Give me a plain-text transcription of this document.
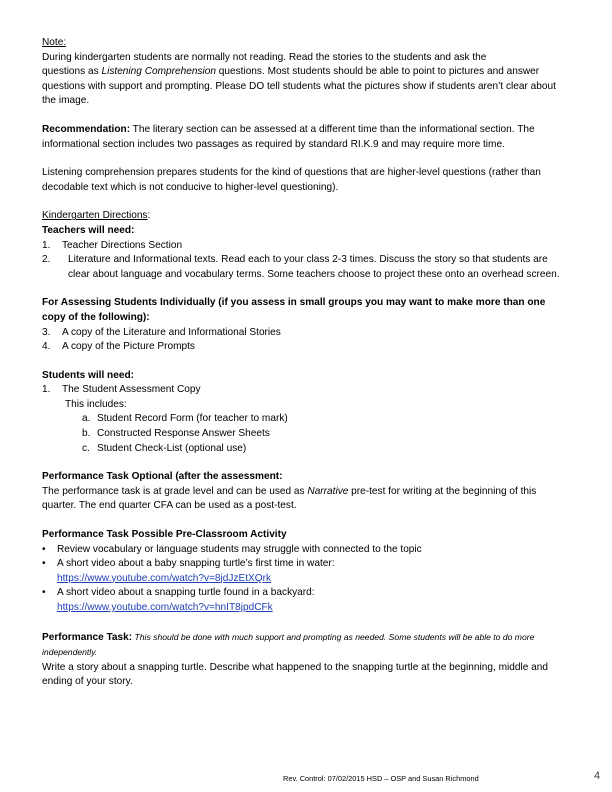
Note:

During kindergarten students are normally not reading. Read the stories to the students and ask the
questions as Listening Comprehension questions. Most students should be able to point to pictures and answer questions with support and prompting. Please DO tell students what the pictures show if students aren’t clear about the image.

Recommendation: The literary section can be assessed at a different time than the informational section. The informational section includes two passages as required by standard RI.K.9 and may require more time.

Listening comprehension prepares students for the kind of questions that are higher-level questions (rather than decodable text which is not conducive to higher-level questioning).

Kindergarten Directions:

Teachers will need:

1.	Teacher Directions Section
2.	Literature and Informational texts. Read each to your class 2-3 times. Discuss the story so that students are clear about language and vocabulary terms. Some teachers choose to project these onto an overhead screen.

For Assessing Students Individually (if you assess in small groups you may want to make more than one copy of the following):

3.	A copy of the Literature and Informational Stories
4.	A copy of the Picture Prompts

Students will need:

1.	The Student Assessment Copy

This includes:

a. Student Record Form (for teacher to mark)
b. Constructed Response Answer Sheets
c. Student Check-List (optional use)

Performance Task Optional (after the assessment:

The performance task is at grade level and can be used as Narrative pre-test for writing at the beginning of this quarter. The end quarter CFA can be used as a post-test.

Performance Task Possible Pre-Classroom Activity

•	Review vocabulary or language students may struggle with connected to the topic
•	A short video about a baby snapping turtle’s first time in water:
https://www.youtube.com/watch?v=8jdJzEtXQrk
•	A short video about a snapping turtle found in a backyard:
https://www.youtube.com/watch?v=hnIT8jpdCFk

Performance Task: This should be done with much support and prompting as needed. Some students will be able to do more independently.

Write a story about a snapping turtle. Describe what happened to the snapping turtle at the beginning, middle and ending of your story.

Rev. Control: 07/02/2015 HSD – OSP and Susan Richmond	4
